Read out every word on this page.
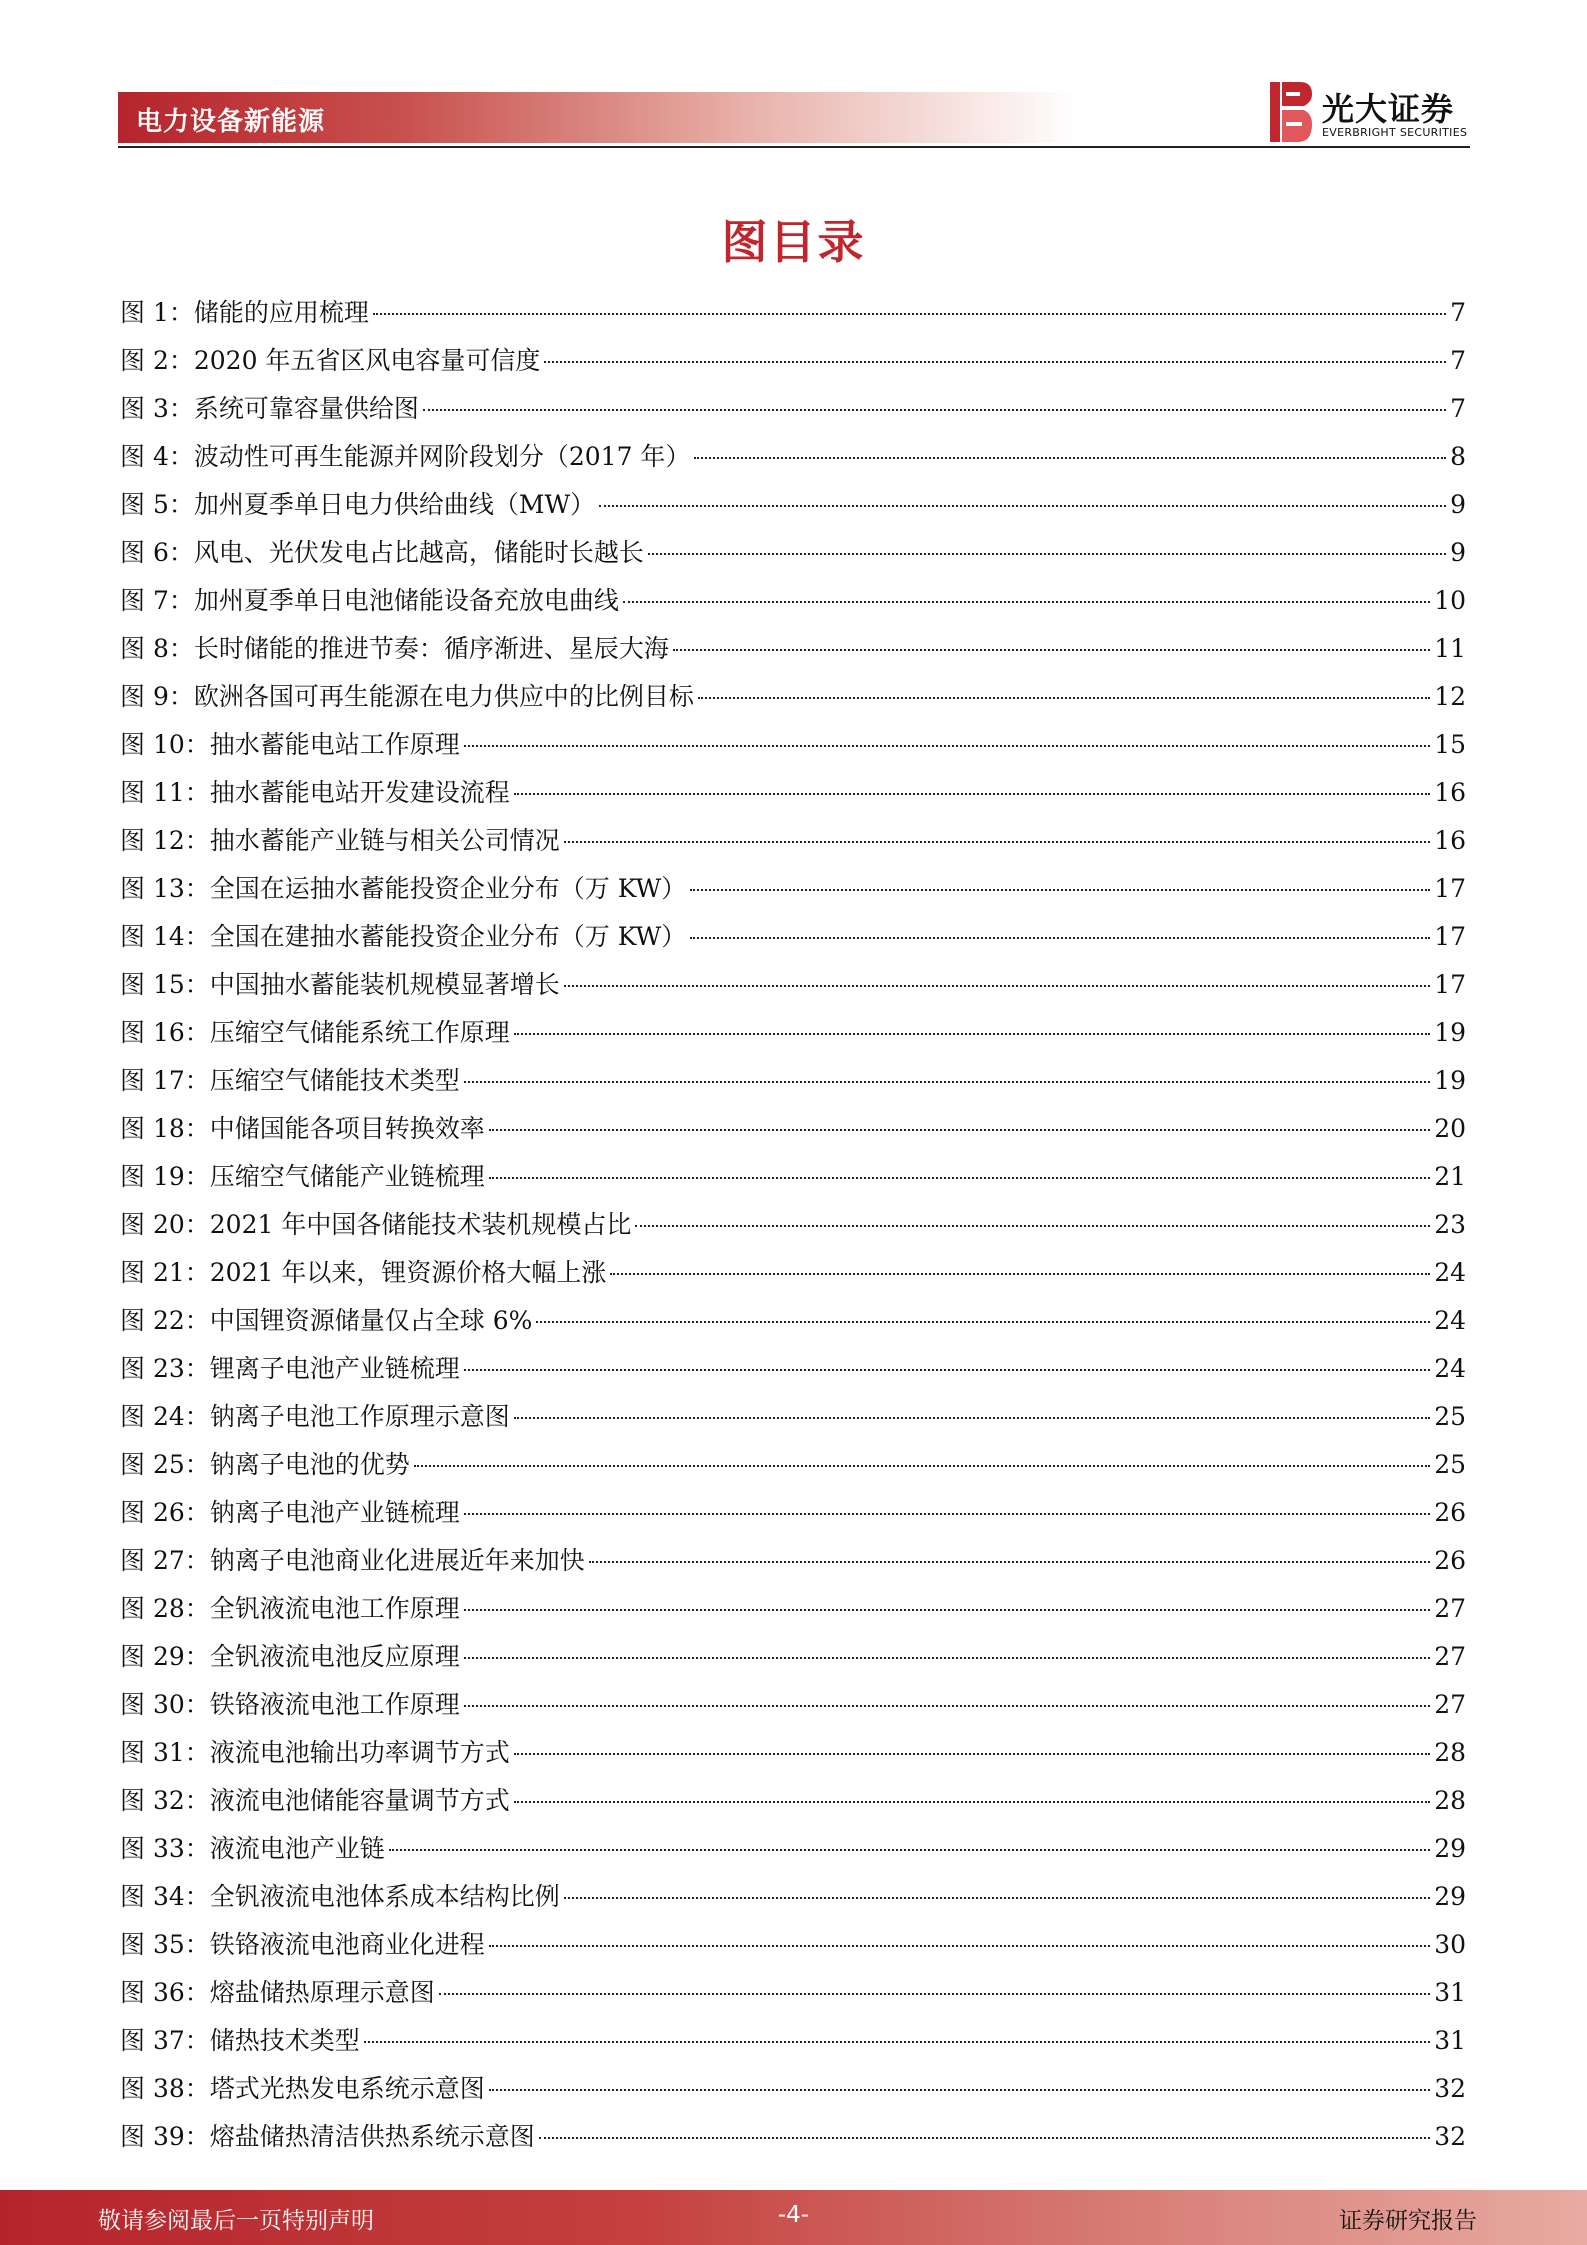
电力设备新能源	光大证券
EVERBRIGHT SECURITIES
图目录
图 1：储能的应用梳理	7
图 2：2020 年五省区风电容量可信度	7
图 3：系统可靠容量供给图	7
图 4：波动性可再生能源并网阶段划分（2017 年）	8
图 5：加州夏季单日电力供给曲线（MW）	9
图 6：风电、光伏发电占比越高，储能时长越长	9
图 7：加州夏季单日电池储能设备充放电曲线	10
图 8：长时储能的推进节奏：循序渐进、星辰大海	11
图 9：欧洲各国可再生能源在电力供应中的比例目标	12
图 10：抽水蓄能电站工作原理	15
图 11：抽水蓄能电站开发建设流程	16
图 12：抽水蓄能产业链与相关公司情况	16
图 13：全国在运抽水蓄能投资企业分布（万 KW）	17
图 14：全国在建抽水蓄能投资企业分布（万 KW）	17
图 15：中国抽水蓄能装机规模显著增长	17
图 16：压缩空气储能系统工作原理	19
图 17：压缩空气储能技术类型	19
图 18：中储国能各项目转换效率	20
图 19：压缩空气储能产业链梳理	21
图 20：2021 年中国各储能技术装机规模占比	23
图 21：2021 年以来，锂资源价格大幅上涨	24
图 22：中国锂资源储量仅占全球 6%	24
图 23：锂离子电池产业链梳理	24
图 24：钠离子电池工作原理示意图	25
图 25：钠离子电池的优势	25
图 26：钠离子电池产业链梳理	26
图 27：钠离子电池商业化进展近年来加快	26
图 28：全钒液流电池工作原理	27
图 29：全钒液流电池反应原理	27
图 30：铁铬液流电池工作原理	27
图 31：液流电池输出功率调节方式	28
图 32：液流电池储能容量调节方式	28
图 33：液流电池产业链	29
图 34：全钒液流电池体系成本结构比例	29
图 35：铁铬液流电池商业化进程	30
图 36：熔盐储热原理示意图	31
图 37：储热技术类型	31
图 38：塔式光热发电系统示意图	32
图 39：熔盐储热清洁供热系统示意图	32
敬请参阅最后一页特别声明	-4-	证券研究报告
